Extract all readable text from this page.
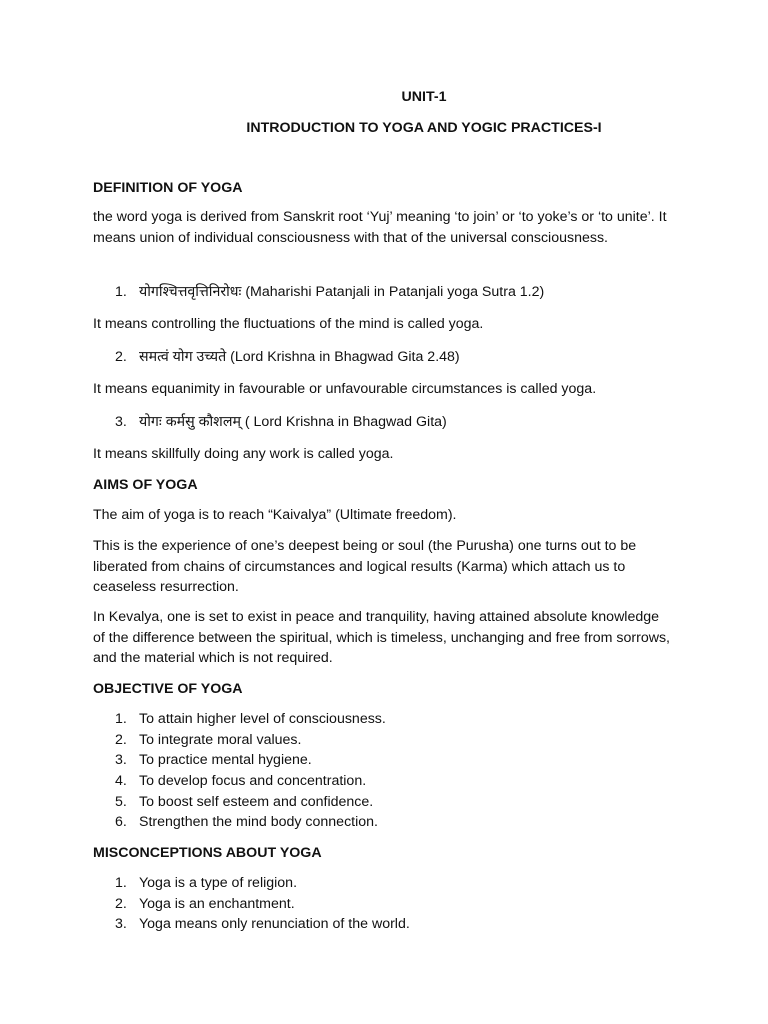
UNIT-1
INTRODUCTION TO YOGA AND YOGIC PRACTICES-I
DEFINITION OF YOGA
the word yoga is derived from Sanskrit root ‘Yuj’ meaning ‘to join’ or ‘to yoke’s or ‘to unite’. It means union of individual consciousness with that of the universal consciousness.
1. योगश्चित्तवृत्तिनिरोधः (Maharishi Patanjali in Patanjali yoga Sutra 1.2)
It means controlling the fluctuations of the mind is called yoga.
2. समत्वं योग उच्यते (Lord Krishna in Bhagwad Gita 2.48)
It means equanimity in favourable or unfavourable circumstances is called yoga.
3. योगः कर्मसु कौशलम् ( Lord Krishna in Bhagwad Gita)
It means skillfully doing any work is called yoga.
AIMS OF YOGA
The aim of yoga is to reach “Kaivalya” (Ultimate freedom).
This is the experience of one’s deepest being or soul (the Purusha) one turns out to be liberated from chains of circumstances and logical results (Karma) which attach us to ceaseless resurrection.
In Kevalya, one is set to exist in peace and tranquility, having attained absolute knowledge of the difference between the spiritual, which is timeless, unchanging and free from sorrows, and the material which is not required.
OBJECTIVE OF YOGA
1. To attain higher level of consciousness.
2. To integrate moral values.
3. To practice mental hygiene.
4. To develop focus and concentration.
5. To boost self esteem and confidence.
6. Strengthen the mind body connection.
MISCONCEPTIONS ABOUT YOGA
1. Yoga is a type of religion.
2. Yoga is an enchantment.
3. Yoga means only renunciation of the world.
